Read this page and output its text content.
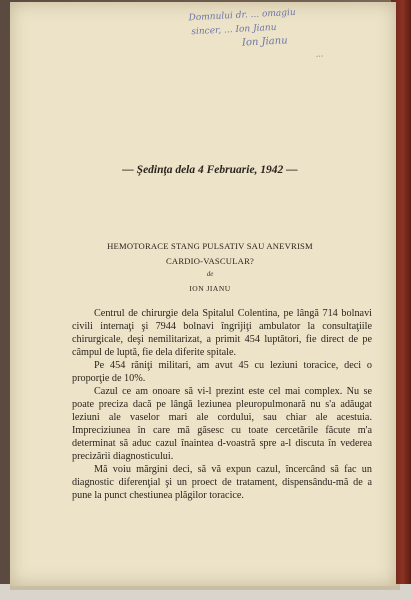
Domnului dr. ... omagiu
sincer, ... Ion Jianu
Ion Jianu
...
— Şedinţa dela 4 Februarie, 1942 —
HEMOTORACE STANG PULSATIV SAU ANEVRISM
CARDIO-VASCULAR?
de
ION JIANU

Centrul de chirurgie dela Spitalul Colentina, pe lângă 714 bolnavi civili internaţi şi 7944 bolnavi îngrijiţi ambulator la consultaţiile chirurgicale, deşi nemilitarizat, a primit 454 luptători, fie direct de pe câmpul de luptă, fie dela diferite spitale.

Pe 454 răniţi militari, am avut 45 cu leziuni toracice, deci o proporţie de 10%.

Cazul ce am onoare să vi-l prezint este cel mai complex. Nu se poate preciza dacă pe lângă leziunea pleuropulmonară nu s'a adăugat leziuni ale vaselor mari ale cordului, sau chiar ale acestuia. Impreciziunea în care mă găsesc cu toate cercetările făcute m'a determinat să aduc cazul înaintea d-voastră spre a-l discuta în vederea precizării diagnosticului.

Mă voiu mărgini deci, să vă expun cazul, încercând să fac un diagnostic diferenţial şi un proect de tratament, dispensându-mă de a pune la punct chestiunea plăgilor toracice.
